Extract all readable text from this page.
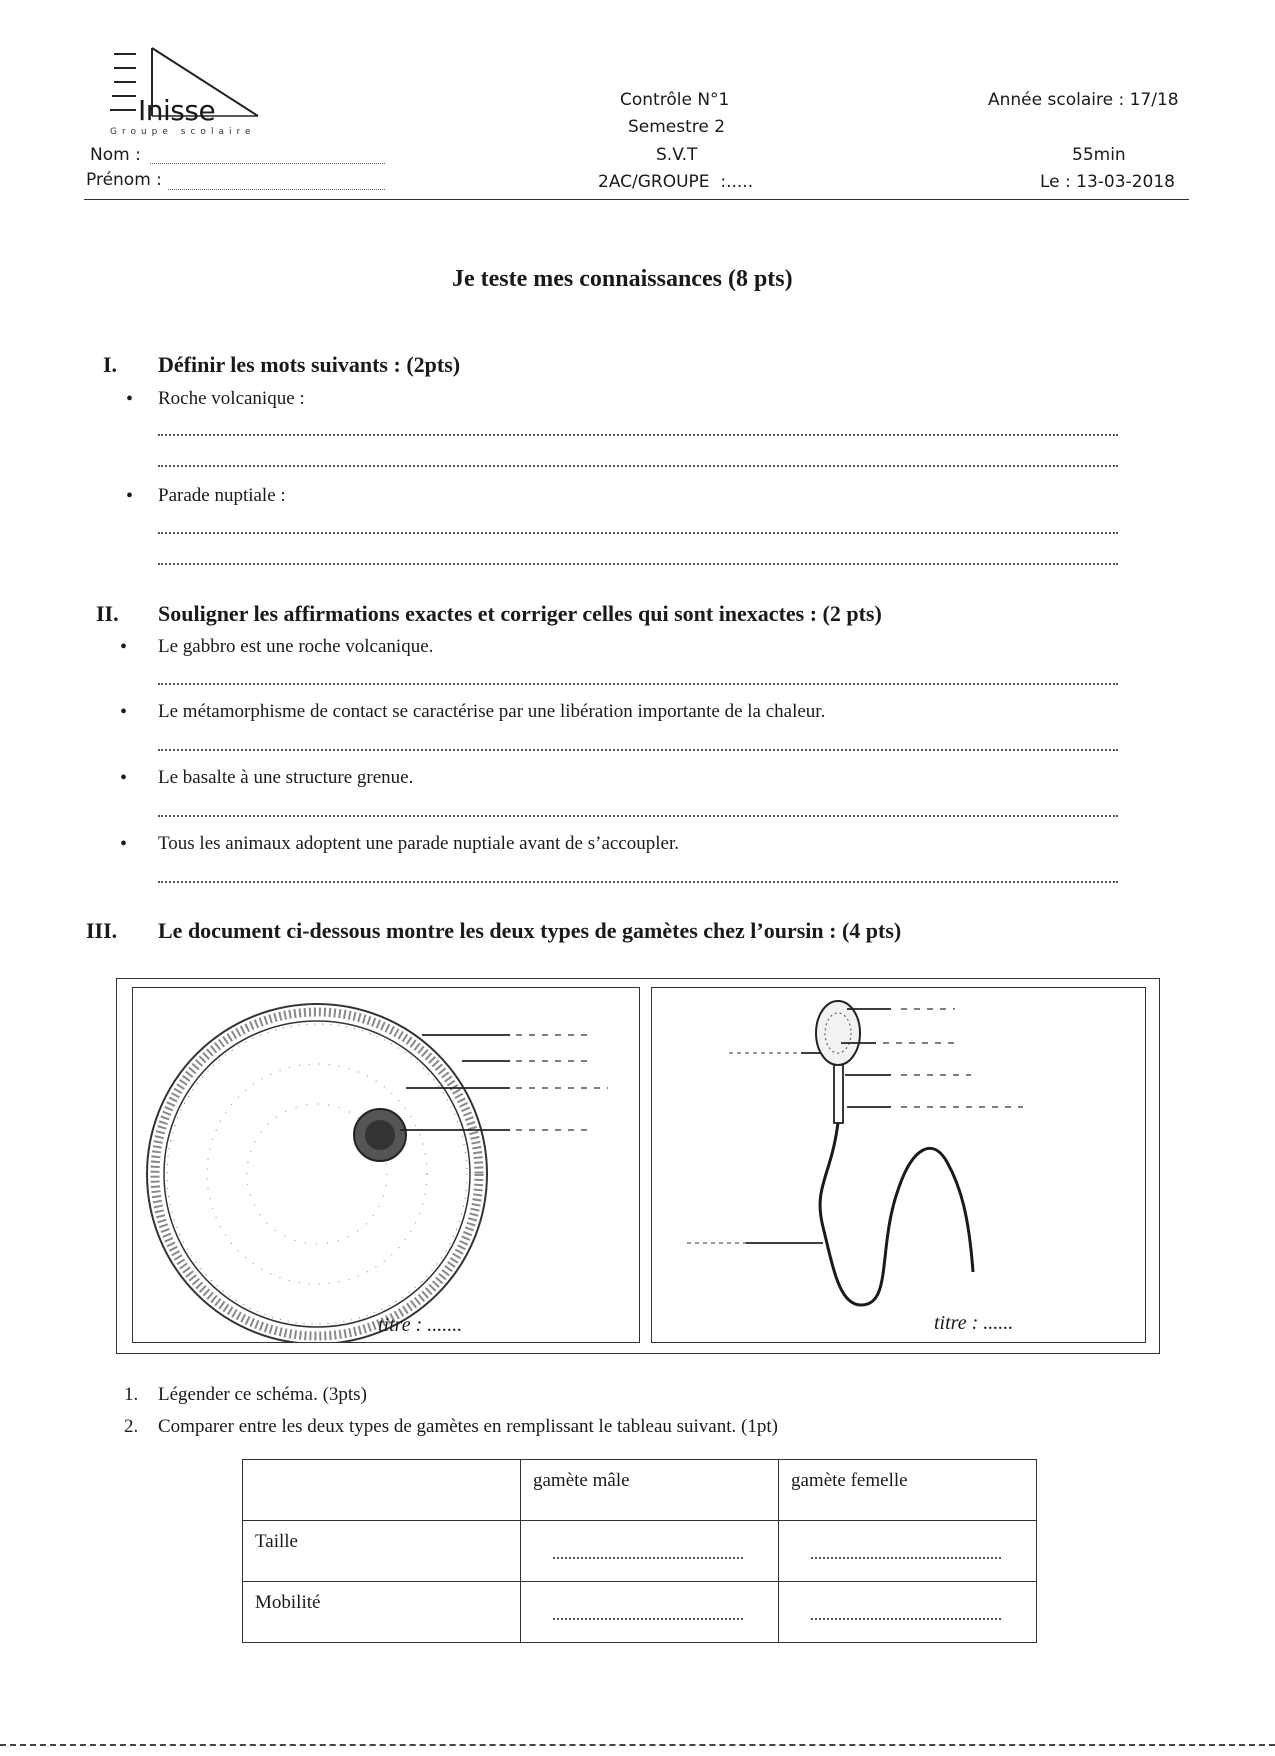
Inisse
Groupe scolaire
Nom :
Prénom :
Contrôle N°1
Semestre 2
S.V.T
2AC/GROUPE  :.....
Année scolaire : 17/18
55min
Le : 13-03-2018
Je teste mes connaissances (8 pts)
I. Définir les mots suivants : (2pts)
• Roche volcanique :
• Parade nuptiale :
II. Souligner les affirmations exactes et corriger celles qui sont inexactes : (2 pts)
• Le gabbro est une roche volcanique.
• Le métamorphisme de contact se caractérise par une libération importante de la chaleur.
• Le basalte à une structure grenue.
• Tous les animaux adoptent une parade nuptiale avant de s’accoupler.
III. Le document ci-dessous montre les deux types de gamètes chez l’oursin : (4 pts)
titre : .......	titre : ......
1. Légender ce schéma. (3pts)
2. Comparer entre les deux types de gamètes en remplissant le tableau suivant. (1pt)
	gamète mâle	gamète femelle
Taille		
Mobilité		
